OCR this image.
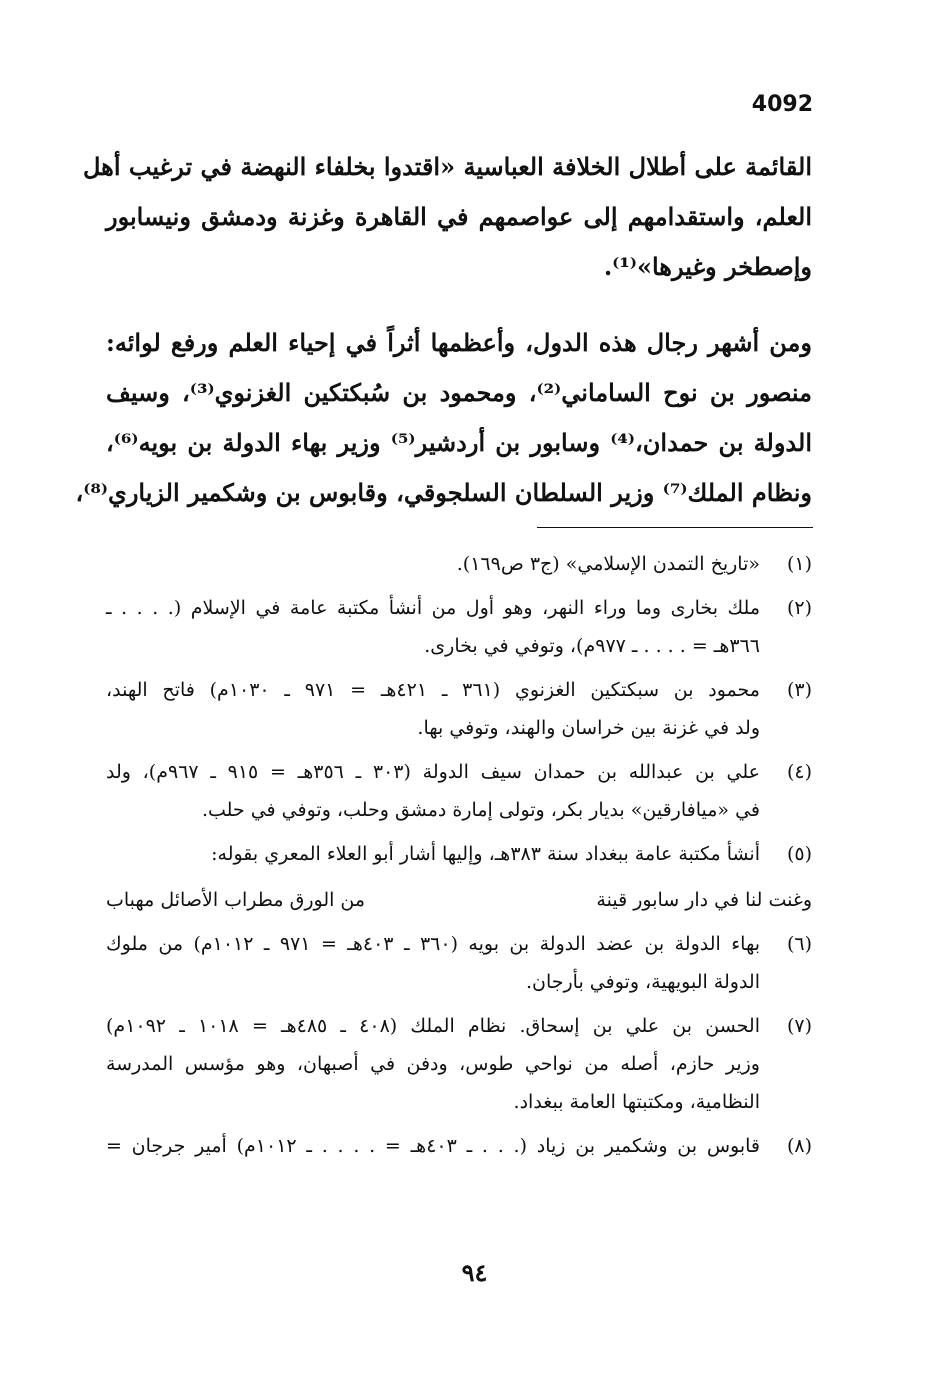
4092
القائمة على أطلال الخلافة العباسية «اقتدوا بخلفاء النهضة في ترغيب أهل
العلم، واستقدامهم إلى عواصمهم في القاهرة وغزنة ودمشق ونيسابور
وإصطخر وغيرها»⁽¹⁾.
ومن أشهر رجال هذه الدول، وأعظمها أثراً في إحياء العلم ورفع لوائه:
منصور بن نوح الساماني⁽²⁾، ومحمود بن سُبكتكين الغزنوي⁽³⁾، وسيف
الدولة بن حمدان،⁽⁴⁾ وسابور بن أردشير⁽⁵⁾ وزير بهاء الدولة بن بويه⁽⁶⁾،
ونظام الملك⁽⁷⁾ وزير السلطان السلجوقي، وقابوس بن وشكمير الزياري⁽⁸⁾،
(١)
«تاريخ التمدن الإسلامي» (ج٣ ص١٦٩).
(٢)
ملك بخارى وما وراء النهر، وهو أول من أنشأ مكتبة عامة في الإسلام (. . . . ـ
٣٦٦هـ = . . . . ـ ٩٧٧م)، وتوفي في بخارى.
(٣)
محمود بن سبكتكين الغزنوي (٣٦١ ـ ٤٢١هـ = ٩٧١ ـ ١٠٣٠م) فاتح الهند،
ولد في غزنة بين خراسان والهند، وتوفي بها.
(٤)
علي بن عبدالله بن حمدان سيف الدولة (٣٠٣ ـ ٣٥٦هـ = ٩١٥ ـ ٩٦٧م)، ولد
في «ميافارقين» بديار بكر، وتولى إمارة دمشق وحلب، وتوفي في حلب.
(٥)
أنشأ مكتبة عامة ببغداد سنة ٣٨٣هـ، وإليها أشار أبو العلاء المعري بقوله:
وغنت لنا في دار سابور قينة
من الورق مطراب الأصائل مهباب
(٦)
بهاء الدولة بن عضد الدولة بن بويه (٣٦٠ ـ ٤٠٣هـ = ٩٧١ ـ ١٠١٢م) من ملوك
الدولة البويهية، وتوفي بأرجان.
(٧)
الحسن بن علي بن إسحاق. نظام الملك (٤٠٨ ـ ٤٨٥هـ = ١٠١٨ ـ ١٠٩٢م)
وزير حازم، أصله من نواحي طوس، ودفن في أصبهان، وهو مؤسس المدرسة
النظامية، ومكتبتها العامة ببغداد.
(٨)
قابوس بن وشكمير بن زياد (. . . ـ ٤٠٣هـ = . . . . ـ ١٠١٢م) أمير جرجان =
٩٤
